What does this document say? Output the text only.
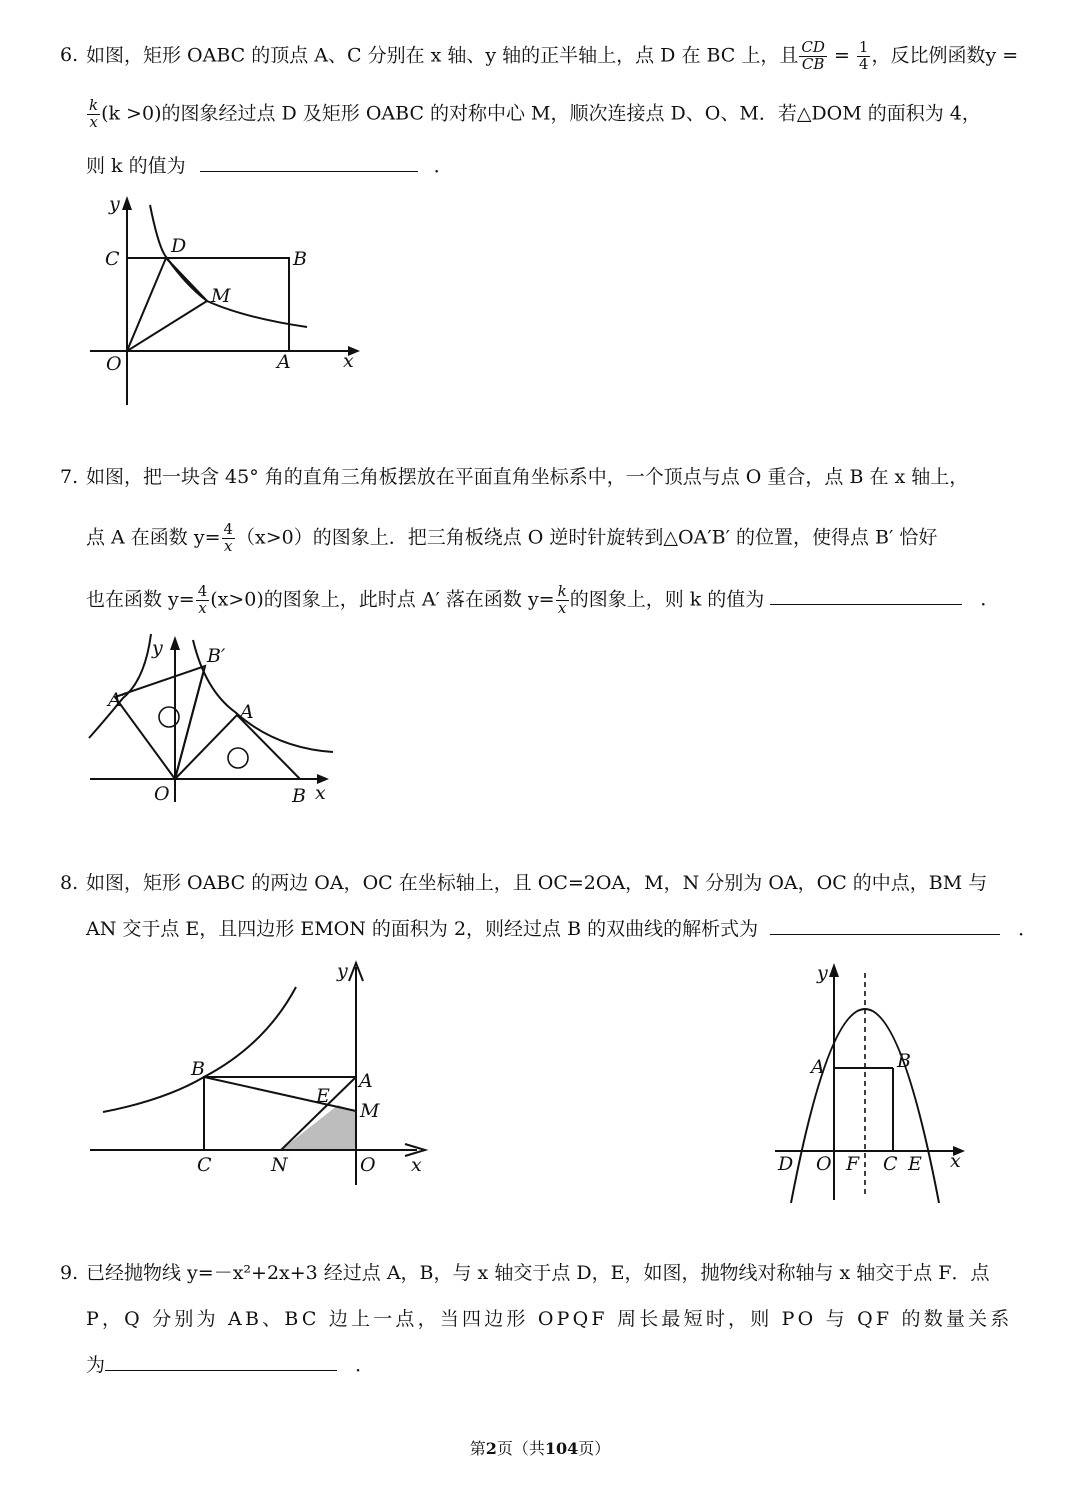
6. 如图，矩形 OABC 的顶点 A、C 分别在 x 轴、y 轴的正半轴上，点 D 在 BC 上，且 $\frac{CD}{CB} = \frac{1}{4}$ ，反比例函数y =
$\frac{k}{x} (k >0)$的图象经过点 D 及矩形 OABC 的对称中心 M，顺次连接点 D、O、M．若△DOM 的面积为 4，
则 k 的值为	．
y
C
D
B
M
O	A	x
7. 如图，把一块含 45° 角的直角三角板摆放在平面直角坐标系中，一个顶点与点 O 重合，点 B 在 x 轴上，
点 A 在函数 $y= \frac{4}{x} (x>0)$的图象上．把三角板绕点 O 逆时针旋转到△OA′B′ 的位置，使得点 B′ 恰好
也在函数 $y= \frac{4}{x} (x>0)$的图象上，此时点 A′ 落在函数 $y= \frac{k}{x}$ 的图象上，则 k 的值为	．
y B′
A′
A
O	B x
8. 如图，矩形 OABC 的两边 OA，OC 在坐标轴上，且 OC=2OA，M，N 分别为 OA，OC 的中点，BM 与
AN 交于点 E，且四边形 EMON 的面积为 2，则经过点 B 的双曲线的解析式为	．
y
B
A
E
M
C	N	O x
y
A	B
D O F C E x
9. 已经抛物线 y=－x²+2x+3 经过点 A，B，与 x 轴交于点 D，E，如图，抛物线对称轴与 x 轴交于点 F．点
P，Q 分别为 AB、BC 边上一点，当四边形 OPQF 周长最短时，则 PO 与 QF 的数量关系
为	．
第2页（共104页）
